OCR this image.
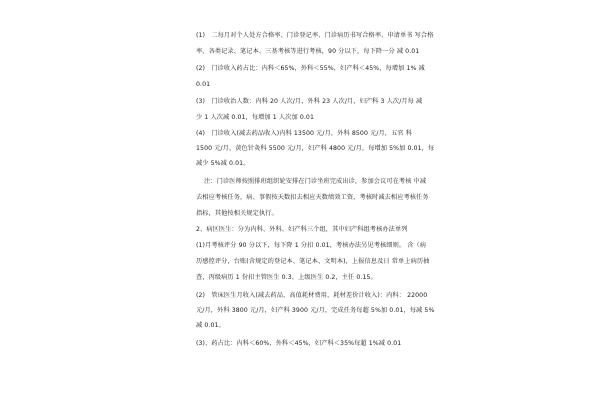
(1)　二每月对个人处方合格率、门诊登记率、门诊病历书写合格率、申请单书 写合格
率、各类记录、笔记本、三基考核等进行考核，90 分以下，每下降一分 减 0.01
(2)　门诊收入药占比：内科＜65%，外科＜55%，妇产科＜45%，每增加 1% 减
0.01
(3)　门诊收治人数：内科 20 人次/月，外科 23 人次/月，妇产科 3 人次/月每 减
少 1 人次减 0.01，每增加 1 人次加 0.01
(4)　门诊收入(减去药品收入)内科 13500 元/月，外科 8500 元/月，五官 科
1500 元/月，黄色针灸科 5500 元/月，妇产科 4800 元/月，每增加 5%加 0.01，每
减少 5%减 0.01。
注：门诊医师按照排班组织轮安排在门诊坐班完成出诊，参加会议可在考核 中减
去相应考核任务，病、事假按天数扣去相应天数绩效工资，考核时减去相应考核任务
指标，其他按相关规定执行。
2、病区医生：分为内科、外科、妇产科三个组，其中妇产科组考核办法单列
(1)月考核评分 90 分以下，每下降 1 分扣 0.01，考核办法另见考核细则。 含（病
历感控评分，台账(含规定的登记本、笔记本、文明本)，上报信息及日 常单上病历抽
查，丙级病历 1 份扣主管医生 0.3，上级医生 0.2，主任 0.15。
(2)　管床医生月收入(减去药品、高值耗材费用、耗材差价计收入)：内科： 22000
元/月，外科 3800 元/月，妇产科 3900 元/月，完成任务每超 5%加 0.01，每减 5%
减 0.01。
(3)、药占比：内科＜60%，外科＜45%，妇产科＜35%每超 1%减 0.01
